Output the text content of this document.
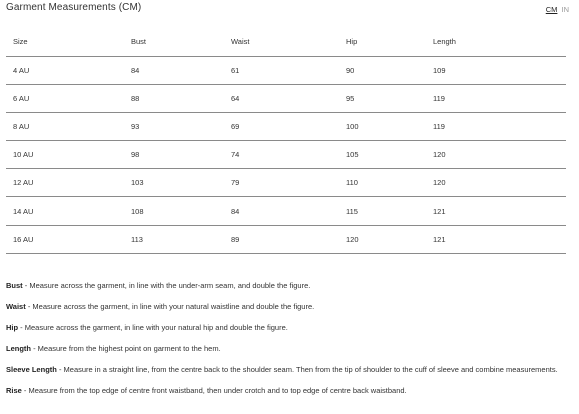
Garment Measurements (CM)	CM IN
Size	Bust	Waist	Hip	Length
4 AU	84	61	90	109
6 AU	88	64	95	119
8 AU	93	69	100	119
10 AU	98	74	105	120
12 AU	103	79	110	120
14 AU	108	84	115	121
16 AU	113	89	120	121

Bust - Measure across the garment, in line with the under-arm seam, and double the figure.

Waist - Measure across the garment, in line with your natural waistline and double the figure.

Hip - Measure across the garment, in line with your natural hip and double the figure.

Length - Measure from the highest point on garment to the hem.

Sleeve Length - Measure in a straight line, from the centre back to the shoulder seam. Then from the tip of shoulder to the cuff of sleeve and combine measurements.

Rise - Measure from the top edge of centre front waistband, then under crotch and to top edge of centre back waistband.
